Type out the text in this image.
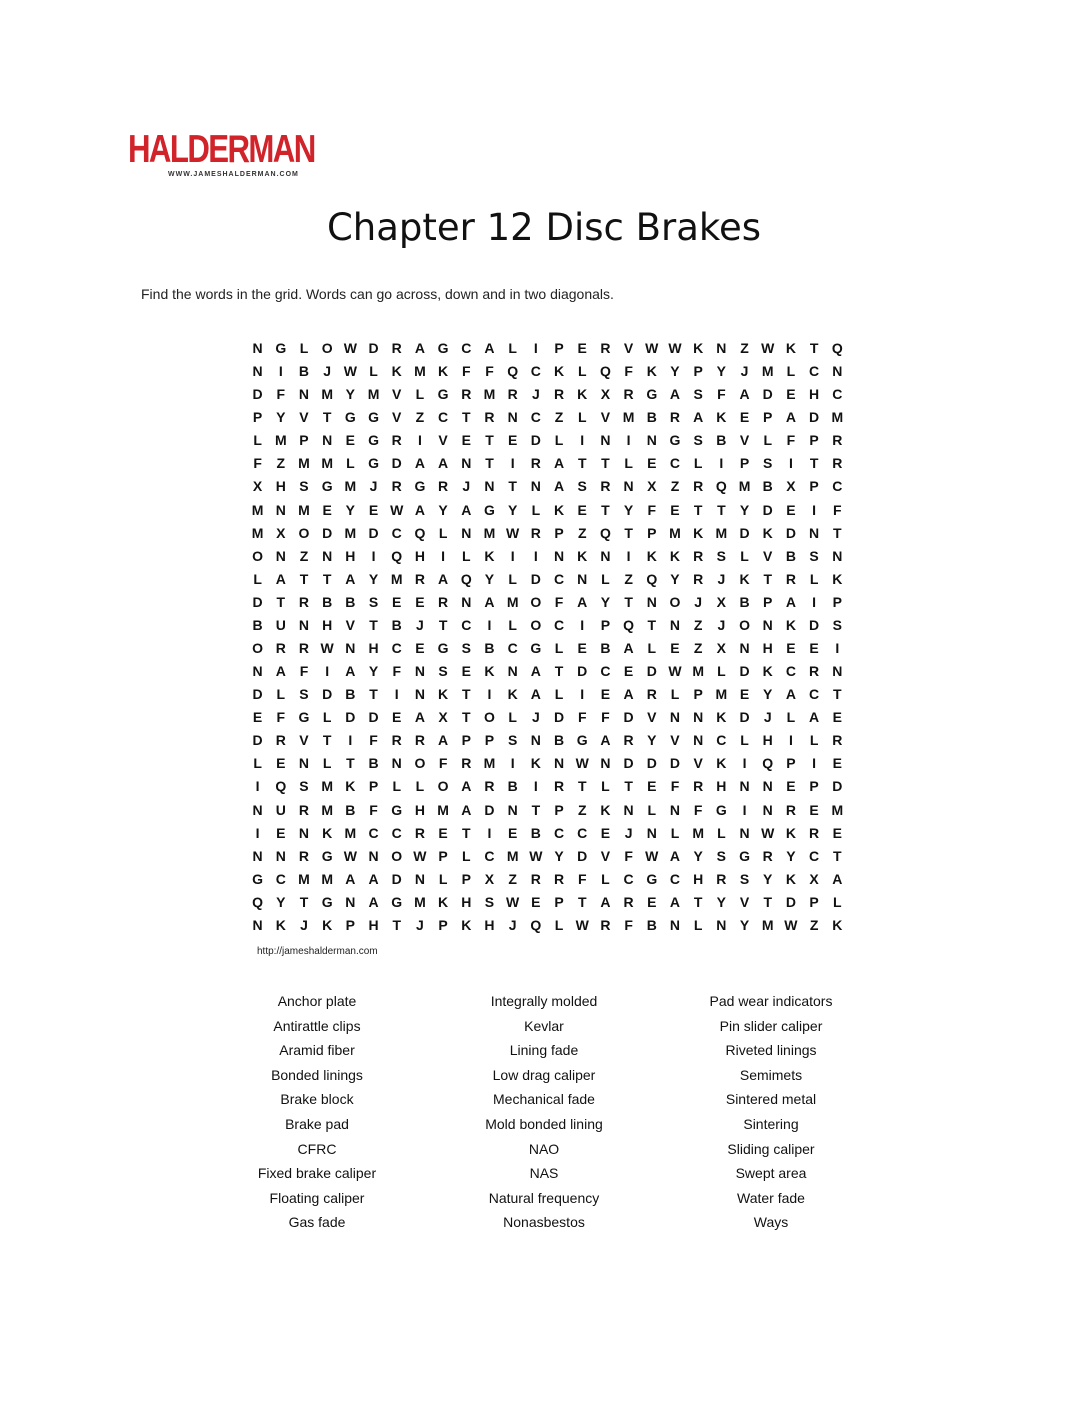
HALDERMAN
WWW.JAMESHALDERMAN.COM
Chapter 12 Disc Brakes

Find the words in the grid. Words can go across, down and in two diagonals.

N G L O W D R A G C A L	I	P E R V W W K N Z W K T Q
N	I	B	J W L K M K F	F Q C K L Q F K Y P Y	J M L C N
D F N M Y M V	L G R M R	J	R K X R G A S	F A D E H C
P Y V	T G G V	Z C T R N C Z	L	V M B R A K E P A D M
L M P N E G R	I	V E	T	E D L	I	N	I	N G S B V	L	F	P R
F	Z M M L G D A A N T	I	R A T	T	L	E C L	I	P S	I	T R
X H S G M J	R G R	J	N T N A S R N X	Z R Q M B X P C
M N M E Y E W A Y A G Y	L K E	T	Y	F	E	T	T	Y D E	I	F
M X O D M D C Q L N M W R P	Z Q T	P M K M D K D N T
O N Z N H	I	Q H	I	L K	I	I	N K N	I	K K R S	L	V B S N
L A T	T A Y M R A Q Y	L D C N L	Z Q Y R	J	K T R L K
D T R B B S E E R N A M O F A Y	T N O J	X B P A	I	P
B U N H V	T B	J	T C	I	L O C	I	P Q T N Z	J O N K D S
O R R W N H C E G S B C G L	E B A L	E	Z	X N H E E	I
N A F	I	A Y	F N S E K N A T D C E D W M L D K C R N
D L	S D B T	I	N K T	I	K A L	I	E A R L	P M E Y A C T
E	F G L D D E A X	T O L	J	D F	F D V N N K D	J	L A E
D R V	T	I	F R R A P P S N B G A R Y V N C L H	I	L R
L	E N L	T B N O F R M	I	K N W N D D D V K	I	Q P	I	E
I	Q S M K P	L	L O A R B	I	R T	L	T	E	F R H N N E P D
N U R M B F G H M A D N T	P	Z K N L N F G	I	N R E M
I	E N K M C C R E	T	I	E B C C E	J	N L M L N W K R E
N N R G W N O W P	L C M W Y D V	F W A Y S G R Y C T
G C M M A A D N L	P X	Z R R F	L C G C H R S Y K X A
Q Y	T G N A G M K H S W E P	T A R E A T	Y V	T D P	L
N K	J	K P H T	J	P K H	J Q L W R F B N L N Y M W Z K
http://jameshalderman.com
Anchor plate
Antirattle clips
Aramid fiber
Bonded linings
Brake block
Brake pad
CFRC
Fixed brake caliper
Floating caliper
Gas fade
Integrally molded
Kevlar
Lining fade
Low drag caliper
Mechanical fade
Mold bonded lining
NAO
NAS
Natural frequency
Nonasbestos
Pad wear indicators
Pin slider caliper
Riveted linings
Semimets
Sintered metal
Sintering
Sliding caliper
Swept area
Water fade
Ways
